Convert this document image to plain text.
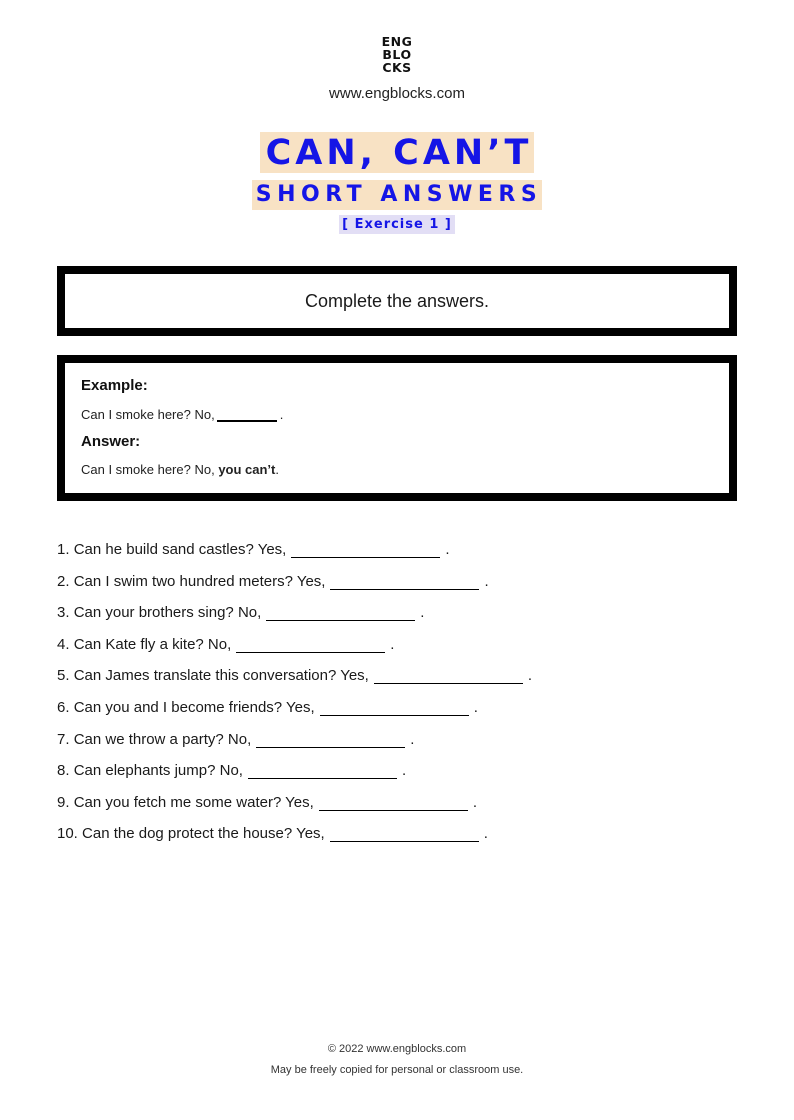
ENG
BLO
CKS
www.engblocks.com
CAN, CAN’T
SHORT ANSWERS
[ Exercise 1 ]
Complete the answers.
Example:
Can I smoke here? No,	.
Answer:
Can I smoke here? No, you can’t.
1. Can he build sand castles? Yes,	.
2. Can I swim two hundred meters? Yes,	.
3. Can your brothers sing? No,	.
4. Can Kate fly a kite? No,	.
5. Can James translate this conversation? Yes,	.
6. Can you and I become friends? Yes,	.
7. Can we throw a party? No,	.
8. Can elephants jump? No,	.
9. Can you fetch me some water? Yes,	.
10. Can the dog protect the house? Yes,	.
© 2022 www.engblocks.com
May be freely copied for personal or classroom use.
